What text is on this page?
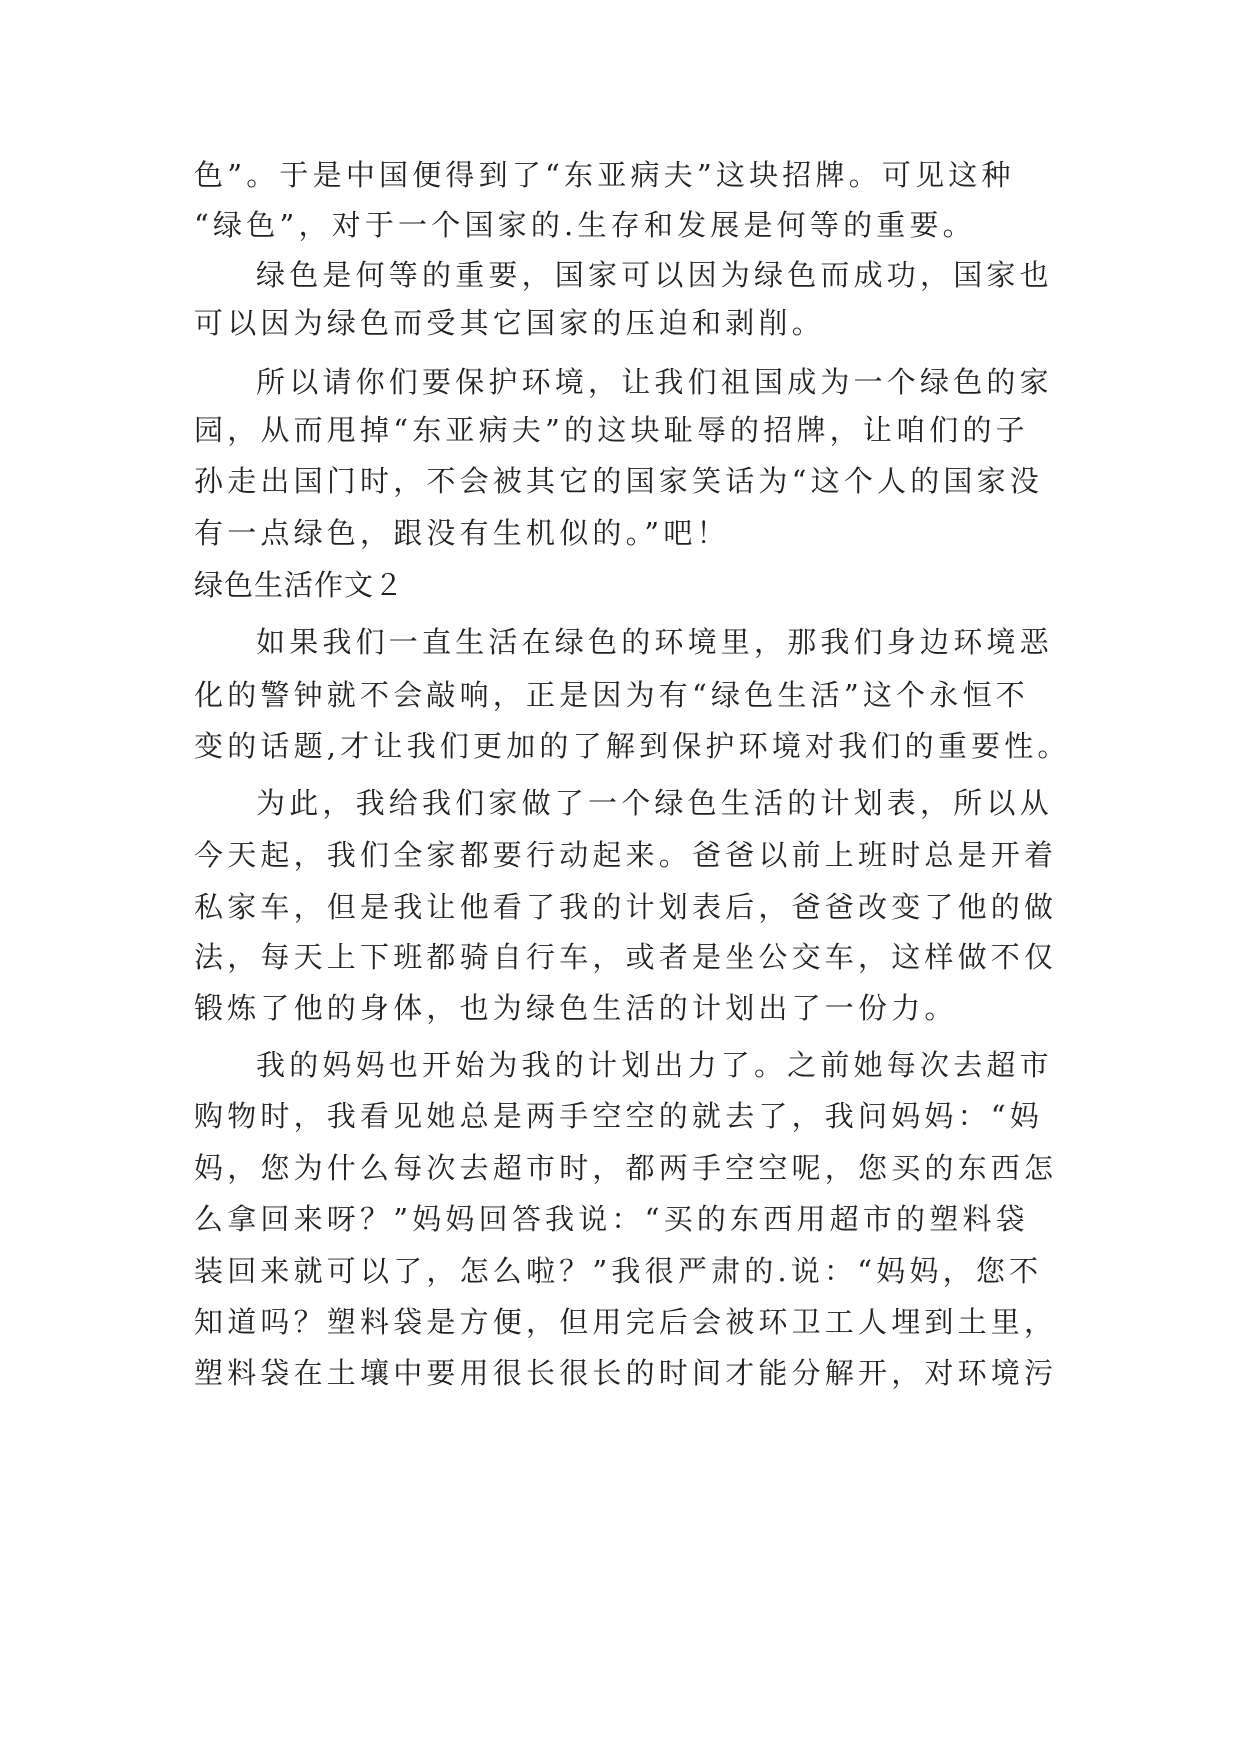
色”。于是中国便得到了“东亚病夫”这块招牌。可见这种
“绿色”，对于一个国家的.生存和发展是何等的重要。
绿色是何等的重要，国家可以因为绿色而成功，国家也
可以因为绿色而受其它国家的压迫和剥削。
所以请你们要保护环境，让我们祖国成为一个绿色的家
园，从而甩掉“东亚病夫”的这块耻辱的招牌，让咱们的子
孙走出国门时，不会被其它的国家笑话为“这个人的国家没
有一点绿色，跟没有生机似的。”吧！
绿色生活作文２
如果我们一直生活在绿色的环境里，那我们身边环境恶
化的警钟就不会敲响，正是因为有“绿色生活”这个永恒不
变的话题,才让我们更加的了解到保护环境对我们的重要性。
为此，我给我们家做了一个绿色生活的计划表，所以从
今天起，我们全家都要行动起来。爸爸以前上班时总是开着
私家车，但是我让他看了我的计划表后，爸爸改变了他的做
法，每天上下班都骑自行车，或者是坐公交车，这样做不仅
锻炼了他的身体，也为绿色生活的计划出了一份力。
我的妈妈也开始为我的计划出力了。之前她每次去超市
购物时，我看见她总是两手空空的就去了，我问妈妈：“妈
妈，您为什么每次去超市时，都两手空空呢，您买的东西怎
么拿回来呀？”妈妈回答我说：“买的东西用超市的塑料袋
装回来就可以了，怎么啦？”我很严肃的.说：“妈妈，您不
知道吗？塑料袋是方便，但用完后会被环卫工人埋到土里，
塑料袋在土壤中要用很长很长的时间才能分解开，对环境污
